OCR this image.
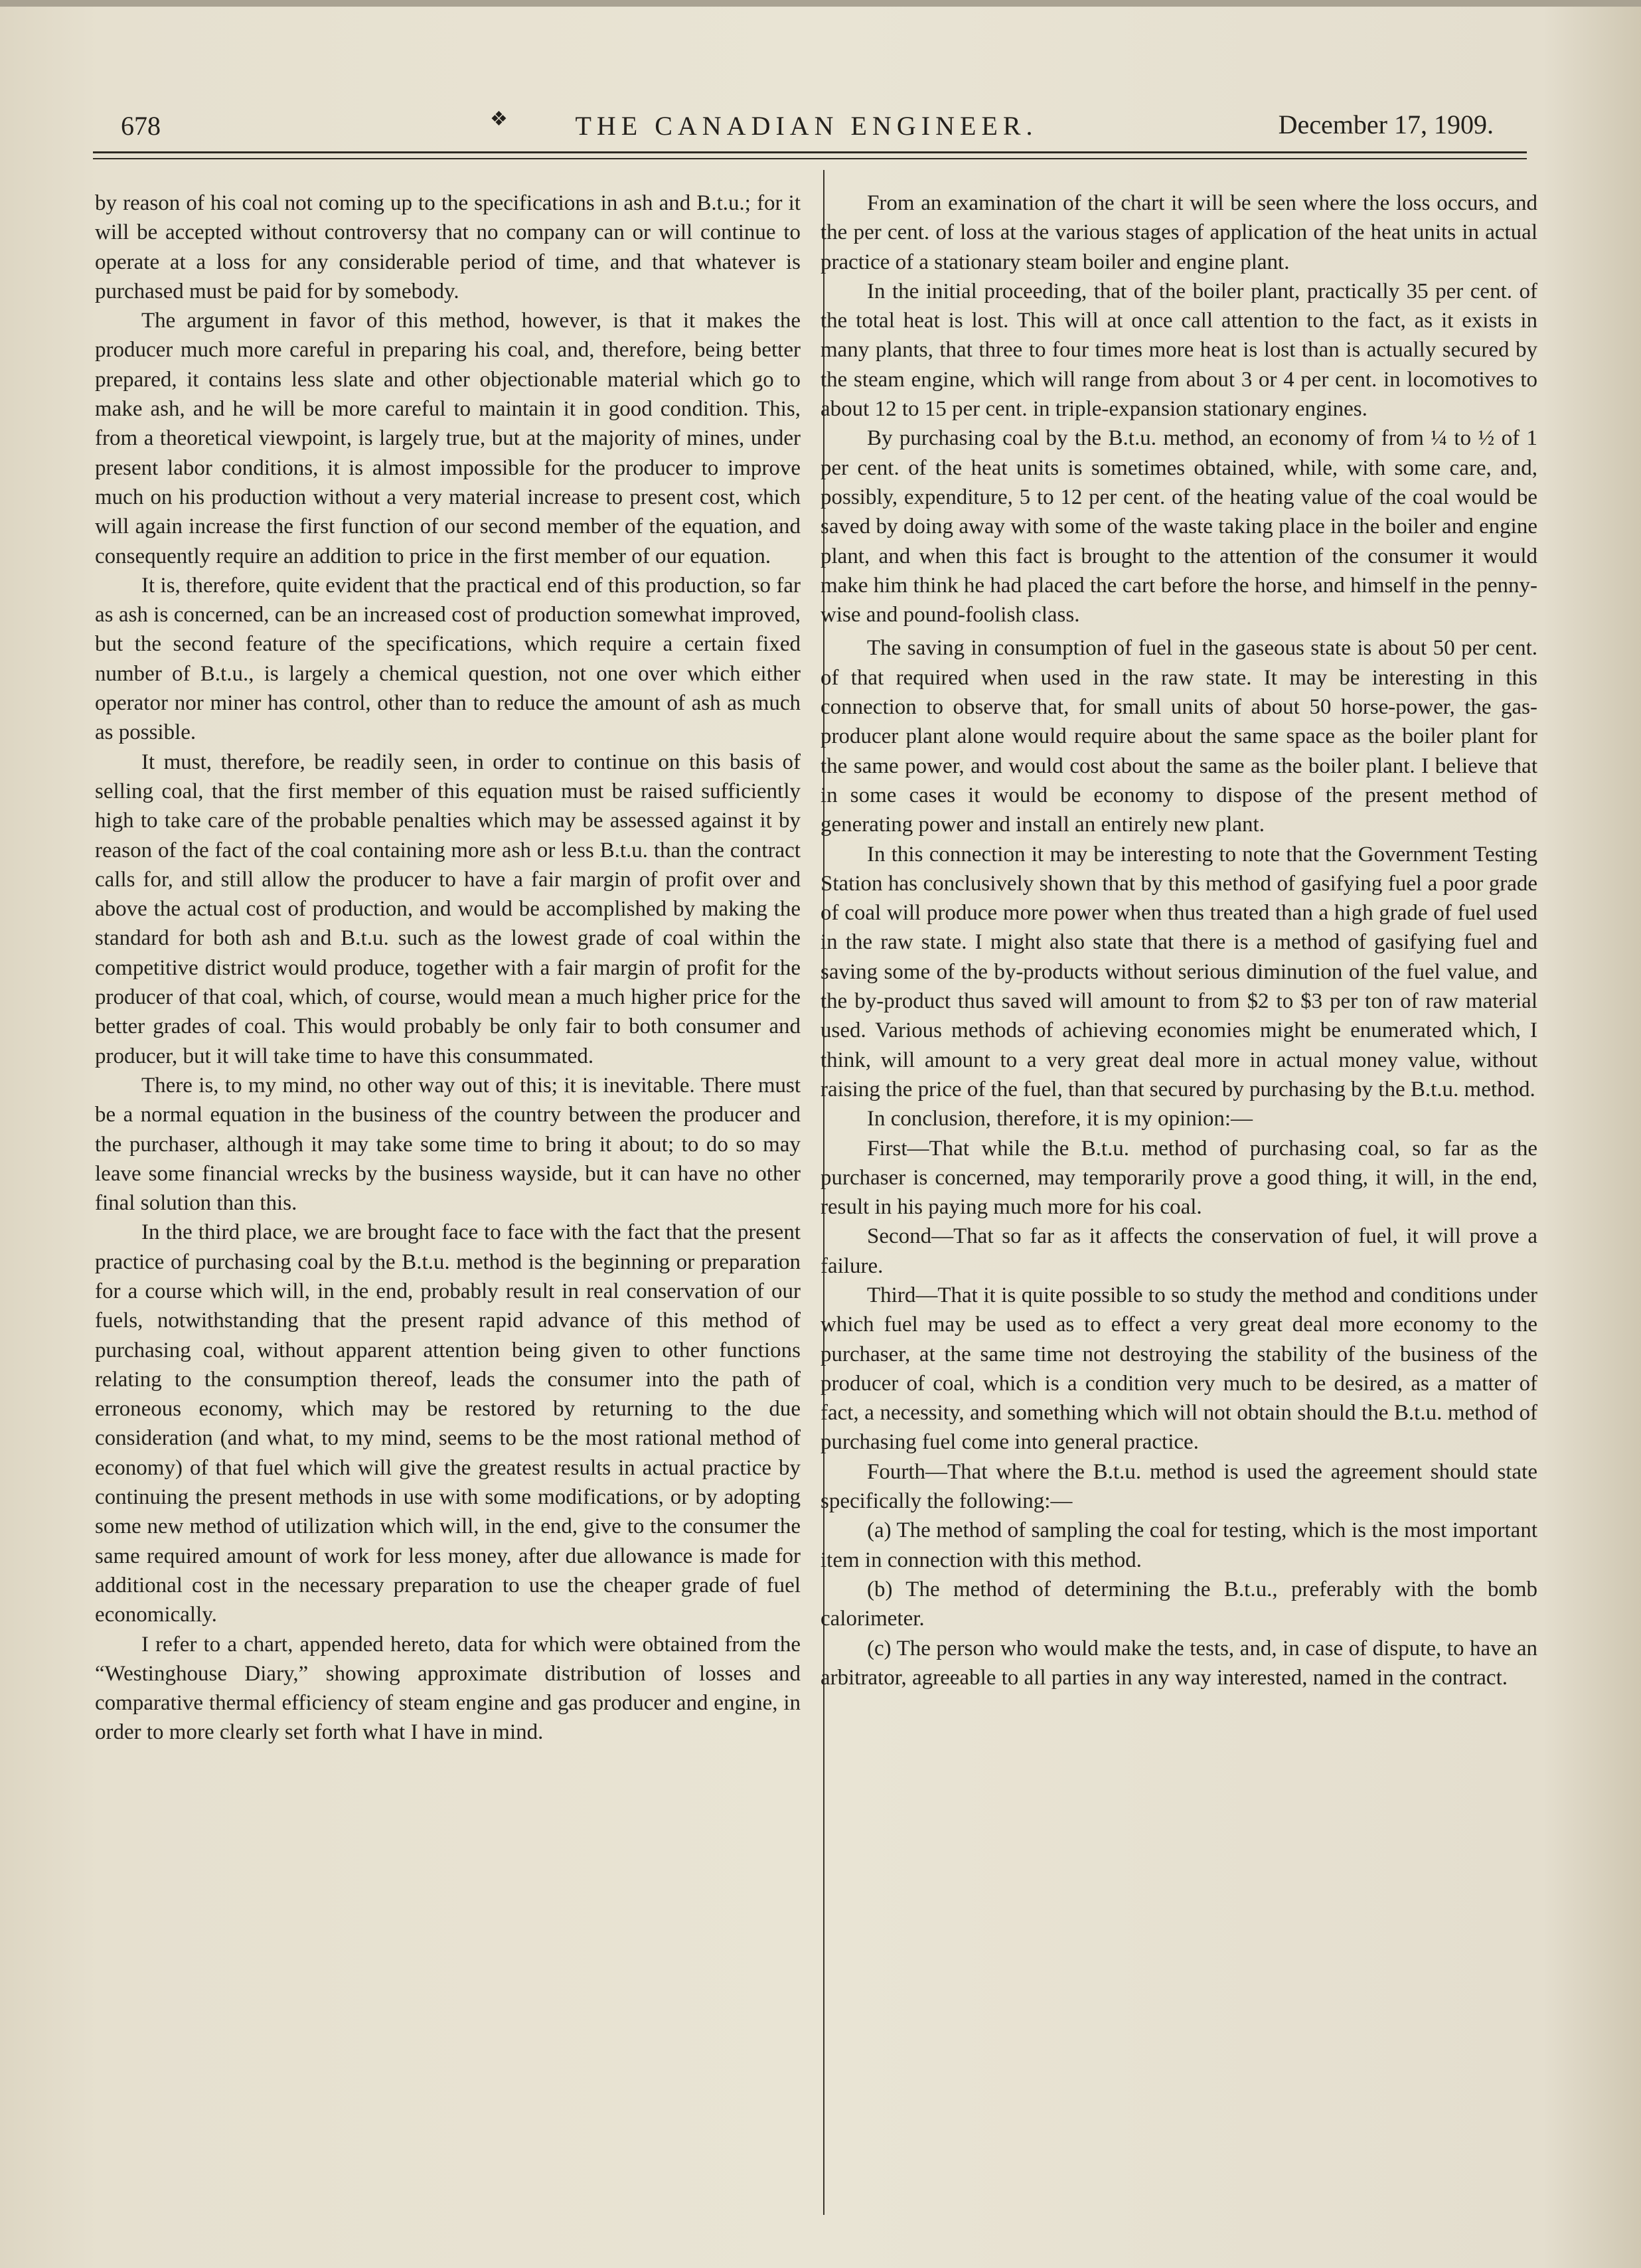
678	❖	THE CANADIAN ENGINEER.	December 17, 1909.

by reason of his coal not coming up to the specifications in ash and B.t.u.; for it will be accepted without controversy that no company can or will continue to operate at a loss for any considerable period of time, and that whatever is purchased must be paid for by somebody.

The argument in favor of this method, however, is that it makes the producer much more careful in preparing his coal, and, therefore, being better prepared, it contains less slate and other objectionable material which go to make ash, and he will be more careful to maintain it in good condition. This, from a theoretical viewpoint, is largely true, but at the majority of mines, under present labor conditions, it is almost impossible for the producer to improve much on his production without a very material increase to present cost, which will again increase the first function of our second member of the equation, and consequently require an addition to price in the first member of our equation.

It is, therefore, quite evident that the practical end of this production, so far as ash is concerned, can be an increased cost of production somewhat improved, but the second feature of the specifications, which require a certain fixed number of B.t.u., is largely a chemical question, not one over which either operator nor miner has control, other than to reduce the amount of ash as much as possible.

It must, therefore, be readily seen, in order to continue on this basis of selling coal, that the first member of this equation must be raised sufficiently high to take care of the probable penalties which may be assessed against it by reason of the fact of the coal containing more ash or less B.t.u. than the contract calls for, and still allow the producer to have a fair margin of profit over and above the actual cost of production, and would be accomplished by making the standard for both ash and B.t.u. such as the lowest grade of coal within the competitive district would produce, together with a fair margin of profit for the producer of that coal, which, of course, would mean a much higher price for the better grades of coal. This would probably be only fair to both consumer and producer, but it will take time to have this consummated.

There is, to my mind, no other way out of this; it is inevitable. There must be a normal equation in the business of the country between the producer and the purchaser, although it may take some time to bring it about; to do so may leave some financial wrecks by the business wayside, but it can have no other final solution than this.

In the third place, we are brought face to face with the fact that the present practice of purchasing coal by the B.t.u. method is the beginning or preparation for a course which will, in the end, probably result in real conservation of our fuels, notwithstanding that the present rapid advance of this method of purchasing coal, without apparent attention being given to other functions relating to the consumption thereof, leads the consumer into the path of erroneous economy, which may be restored by returning to the due consideration (and what, to my mind, seems to be the most rational method of economy) of that fuel which will give the greatest results in actual practice by continuing the present methods in use with some modifications, or by adopting some new method of utilization which will, in the end, give to the consumer the same required amount of work for less money, after due allowance is made for additional cost in the necessary preparation to use the cheaper grade of fuel economically.

I refer to a chart, appended hereto, data for which were obtained from the “Westinghouse Diary,” showing approximate distribution of losses and comparative thermal efficiency of steam engine and gas producer and engine, in order to more clearly set forth what I have in mind.

From an examination of the chart it will be seen where the loss occurs, and the per cent. of loss at the various stages of application of the heat units in actual practice of a stationary steam boiler and engine plant.

In the initial proceeding, that of the boiler plant, practically 35 per cent. of the total heat is lost. This will at once call attention to the fact, as it exists in many plants, that three to four times more heat is lost than is actually secured by the steam engine, which will range from about 3 or 4 per cent. in locomotives to about 12 to 15 per cent. in triple-expansion stationary engines.

By purchasing coal by the B.t.u. method, an economy of from ¼ to ½ of 1 per cent. of the heat units is sometimes obtained, while, with some care, and, possibly, expenditure, 5 to 12 per cent. of the heating value of the coal would be saved by doing away with some of the waste taking place in the boiler and engine plant, and when this fact is brought to the attention of the consumer it would make him think he had placed the cart before the horse, and himself in the penny-wise and pound-foolish class.

The saving in consumption of fuel in the gaseous state is about 50 per cent. of that required when used in the raw state. It may be interesting in this connection to observe that, for small units of about 50 horse-power, the gas-producer plant alone would require about the same space as the boiler plant for the same power, and would cost about the same as the boiler plant. I believe that in some cases it would be economy to dispose of the present method of generating power and install an entirely new plant.

In this connection it may be interesting to note that the Government Testing Station has conclusively shown that by this method of gasifying fuel a poor grade of coal will produce more power when thus treated than a high grade of fuel used in the raw state. I might also state that there is a method of gasifying fuel and saving some of the by-products without serious diminution of the fuel value, and the by-product thus saved will amount to from $2 to $3 per ton of raw material used. Various methods of achieving economies might be enumerated which, I think, will amount to a very great deal more in actual money value, without raising the price of the fuel, than that secured by purchasing by the B.t.u. method.

In conclusion, therefore, it is my opinion:—

First—That while the B.t.u. method of purchasing coal, so far as the purchaser is concerned, may temporarily prove a good thing, it will, in the end, result in his paying much more for his coal.

Second—That so far as it affects the conservation of fuel, it will prove a failure.

Third—That it is quite possible to so study the method and conditions under which fuel may be used as to effect a very great deal more economy to the purchaser, at the same time not destroying the stability of the business of the producer of coal, which is a condition very much to be desired, as a matter of fact, a necessity, and something which will not obtain should the B.t.u. method of purchasing fuel come into general practice.

Fourth—That where the B.t.u. method is used the agreement should state specifically the following:—

(a) The method of sampling the coal for testing, which is the most important item in connection with this method.

(b) The method of determining the B.t.u., preferably with the bomb calorimeter.

(c) The person who would make the tests, and, in case of dispute, to have an arbitrator, agreeable to all parties in any way interested, named in the contract.
